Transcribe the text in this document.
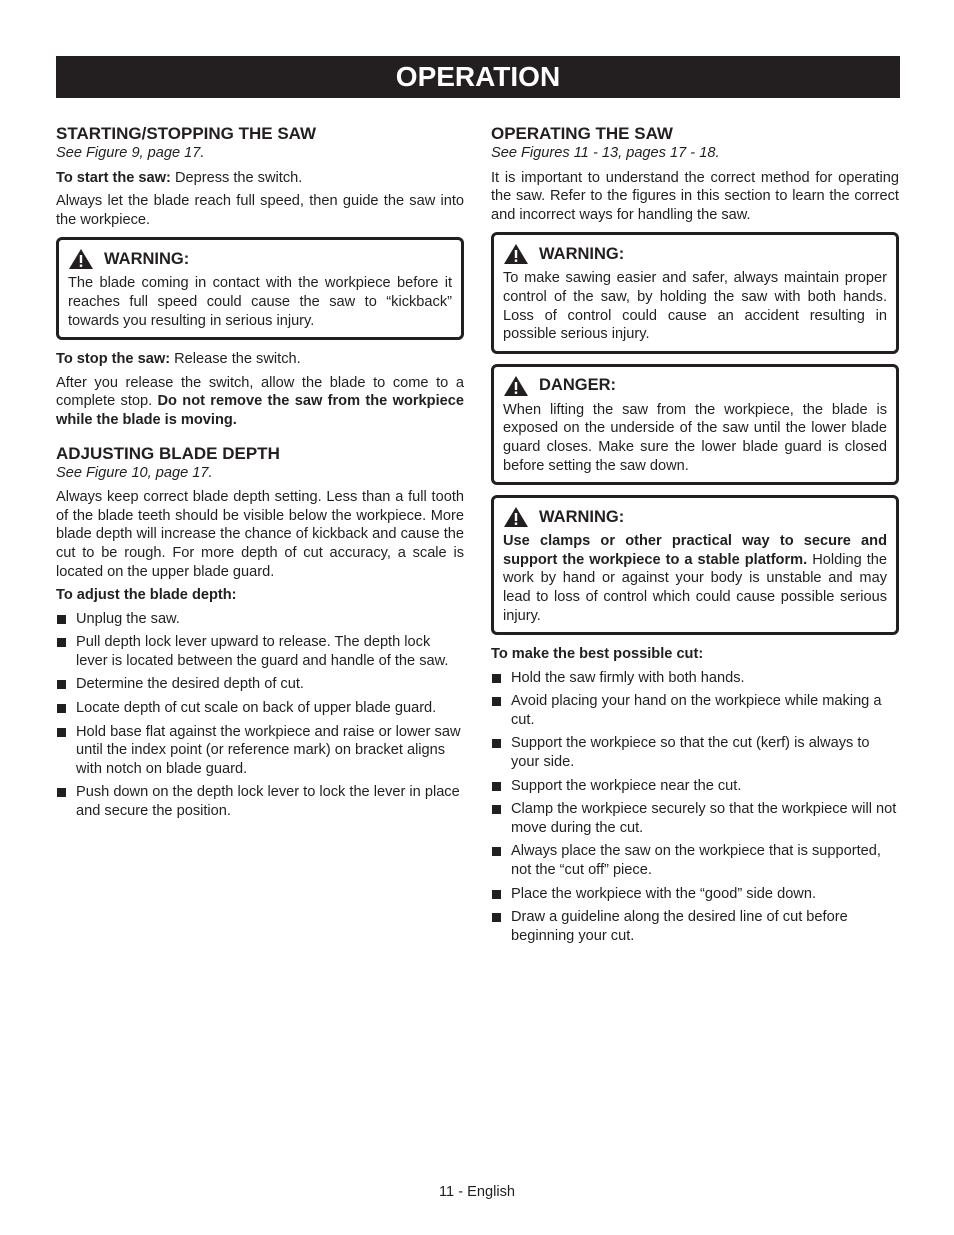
OPERATION
STARTING/STOPPING THE SAW
See Figure 9, page 17.

To start the saw: Depress the switch.

Always let the blade reach full speed, then guide the saw into the workpiece.

WARNING:

The blade coming in contact with the workpiece before it reaches full speed could cause the saw to “kickback” towards you resulting in serious injury.

To stop the saw: Release the switch.

After you release the switch, allow the blade to come to a complete stop. Do not remove the saw from the workpiece while the blade is moving.

ADJUSTING BLADE DEPTH
See Figure 10, page 17.

Always keep correct blade depth setting. Less than a full tooth of the blade teeth should be visible below the workpiece. More blade depth will increase the chance of kickback and cause the cut to be rough. For more depth of cut accuracy, a scale is located on the upper blade guard.

To adjust the blade depth:

Unplug the saw.
Pull depth lock lever upward to release. The depth lock lever is located between the guard and handle of the saw.
Determine the desired depth of cut.
Locate depth of cut scale on back of upper blade guard.
Hold base flat against the workpiece and raise or lower saw until the index point (or reference mark) on bracket aligns with notch on blade guard.
Push down on the depth lock lever to lock the lever in place and secure the position.
OPERATING THE SAW
See Figures 11 - 13, pages 17 - 18.

It is important to understand the correct method for operating the saw. Refer to the figures in this section to learn the correct and incorrect ways for handling the saw.

WARNING:

To make sawing easier and safer, always maintain proper control of the saw, by holding the saw with both hands. Loss of control could cause an accident resulting in possible serious injury.

DANGER:

When lifting the saw from the workpiece, the blade is exposed on the underside of the saw until the lower blade guard closes. Make sure the lower blade guard is closed before setting the saw down.

WARNING:

Use clamps or other practical way to secure and support the workpiece to a stable platform. Holding the work by hand or against your body is unstable and may lead to loss of control which could cause possible serious injury.

To make the best possible cut:

Hold the saw firmly with both hands.
Avoid placing your hand on the workpiece while making a cut.
Support the workpiece so that the cut (kerf) is always to your side.
Support the workpiece near the cut.
Clamp the workpiece securely so that the workpiece will not move during the cut.
Always place the saw on the workpiece that is supported, not the “cut off” piece.
Place the workpiece with the “good” side down.
Draw a guideline along the desired line of cut before beginning your cut.
11 - English
